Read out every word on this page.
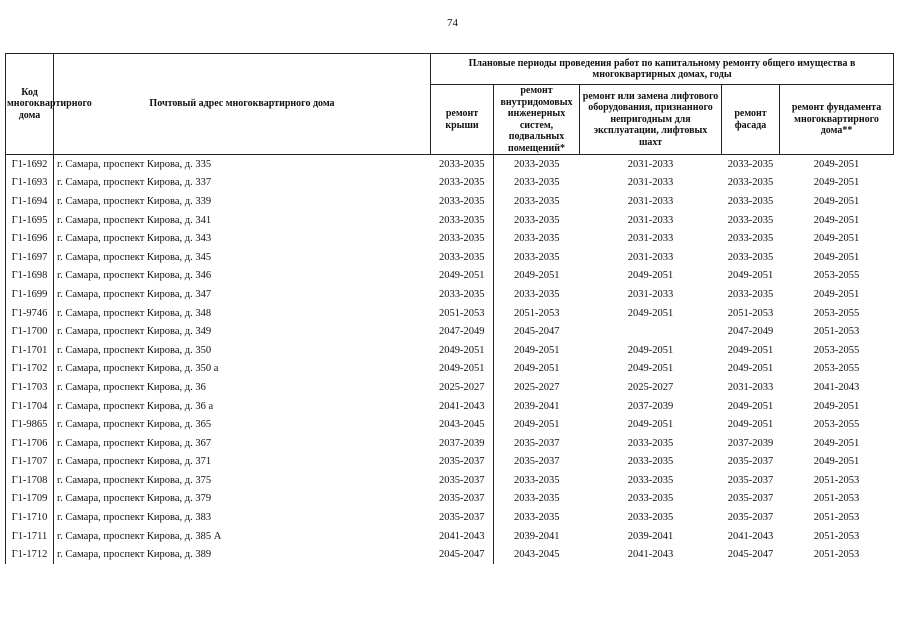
74
Код многоквартирного дома	Почтовый адрес многоквартирного дома	Плановые периоды проведения работ по капитальному ремонту общего имущества в многоквартирных домах, годы				
		ремонт крыши	ремонт внутридомовых инженерных систем, подвальных помещений*	ремонт или замена лифтового оборудования, признанного непригодным для эксплуатации, лифтовых шахт	ремонт фасада	ремонт фундамента многоквартирного дома**
Г1-1692	г. Самара, проспект Кирова, д. 335	2033-2035	2033-2035	2031-2033	2033-2035	2049-2051
Г1-1693	г. Самара, проспект Кирова, д. 337	2033-2035	2033-2035	2031-2033	2033-2035	2049-2051
Г1-1694	г. Самара, проспект Кирова, д. 339	2033-2035	2033-2035	2031-2033	2033-2035	2049-2051
Г1-1695	г. Самара, проспект Кирова, д. 341	2033-2035	2033-2035	2031-2033	2033-2035	2049-2051
Г1-1696	г. Самара, проспект Кирова, д. 343	2033-2035	2033-2035	2031-2033	2033-2035	2049-2051
Г1-1697	г. Самара, проспект Кирова, д. 345	2033-2035	2033-2035	2031-2033	2033-2035	2049-2051
Г1-1698	г. Самара, проспект Кирова, д. 346	2049-2051	2049-2051	2049-2051	2049-2051	2053-2055
Г1-1699	г. Самара, проспект Кирова, д. 347	2033-2035	2033-2035	2031-2033	2033-2035	2049-2051
Г1-9746	г. Самара, проспект Кирова, д. 348	2051-2053	2051-2053	2049-2051	2051-2053	2053-2055
Г1-1700	г. Самара, проспект Кирова, д. 349	2047-2049	2045-2047		2047-2049	2051-2053
Г1-1701	г. Самара, проспект Кирова, д. 350	2049-2051	2049-2051	2049-2051	2049-2051	2053-2055
Г1-1702	г. Самара, проспект Кирова, д. 350 а	2049-2051	2049-2051	2049-2051	2049-2051	2053-2055
Г1-1703	г. Самара, проспект Кирова, д. 36	2025-2027	2025-2027	2025-2027	2031-2033	2041-2043
Г1-1704	г. Самара, проспект Кирова, д. 36 а	2041-2043	2039-2041	2037-2039	2049-2051	2049-2051
Г1-9865	г. Самара, проспект Кирова, д. 365	2043-2045	2049-2051	2049-2051	2049-2051	2053-2055
Г1-1706	г. Самара, проспект Кирова, д. 367	2037-2039	2035-2037	2033-2035	2037-2039	2049-2051
Г1-1707	г. Самара, проспект Кирова, д. 371	2035-2037	2035-2037	2033-2035	2035-2037	2049-2051
Г1-1708	г. Самара, проспект Кирова, д. 375	2035-2037	2033-2035	2033-2035	2035-2037	2051-2053
Г1-1709	г. Самара, проспект Кирова, д. 379	2035-2037	2033-2035	2033-2035	2035-2037	2051-2053
Г1-1710	г. Самара, проспект Кирова, д. 383	2035-2037	2033-2035	2033-2035	2035-2037	2051-2053
Г1-1711	г. Самара, проспект Кирова, д. 385 А	2041-2043	2039-2041	2039-2041	2041-2043	2051-2053
Г1-1712	г. Самара, проспект Кирова, д. 389	2045-2047	2043-2045	2041-2043	2045-2047	2051-2053
